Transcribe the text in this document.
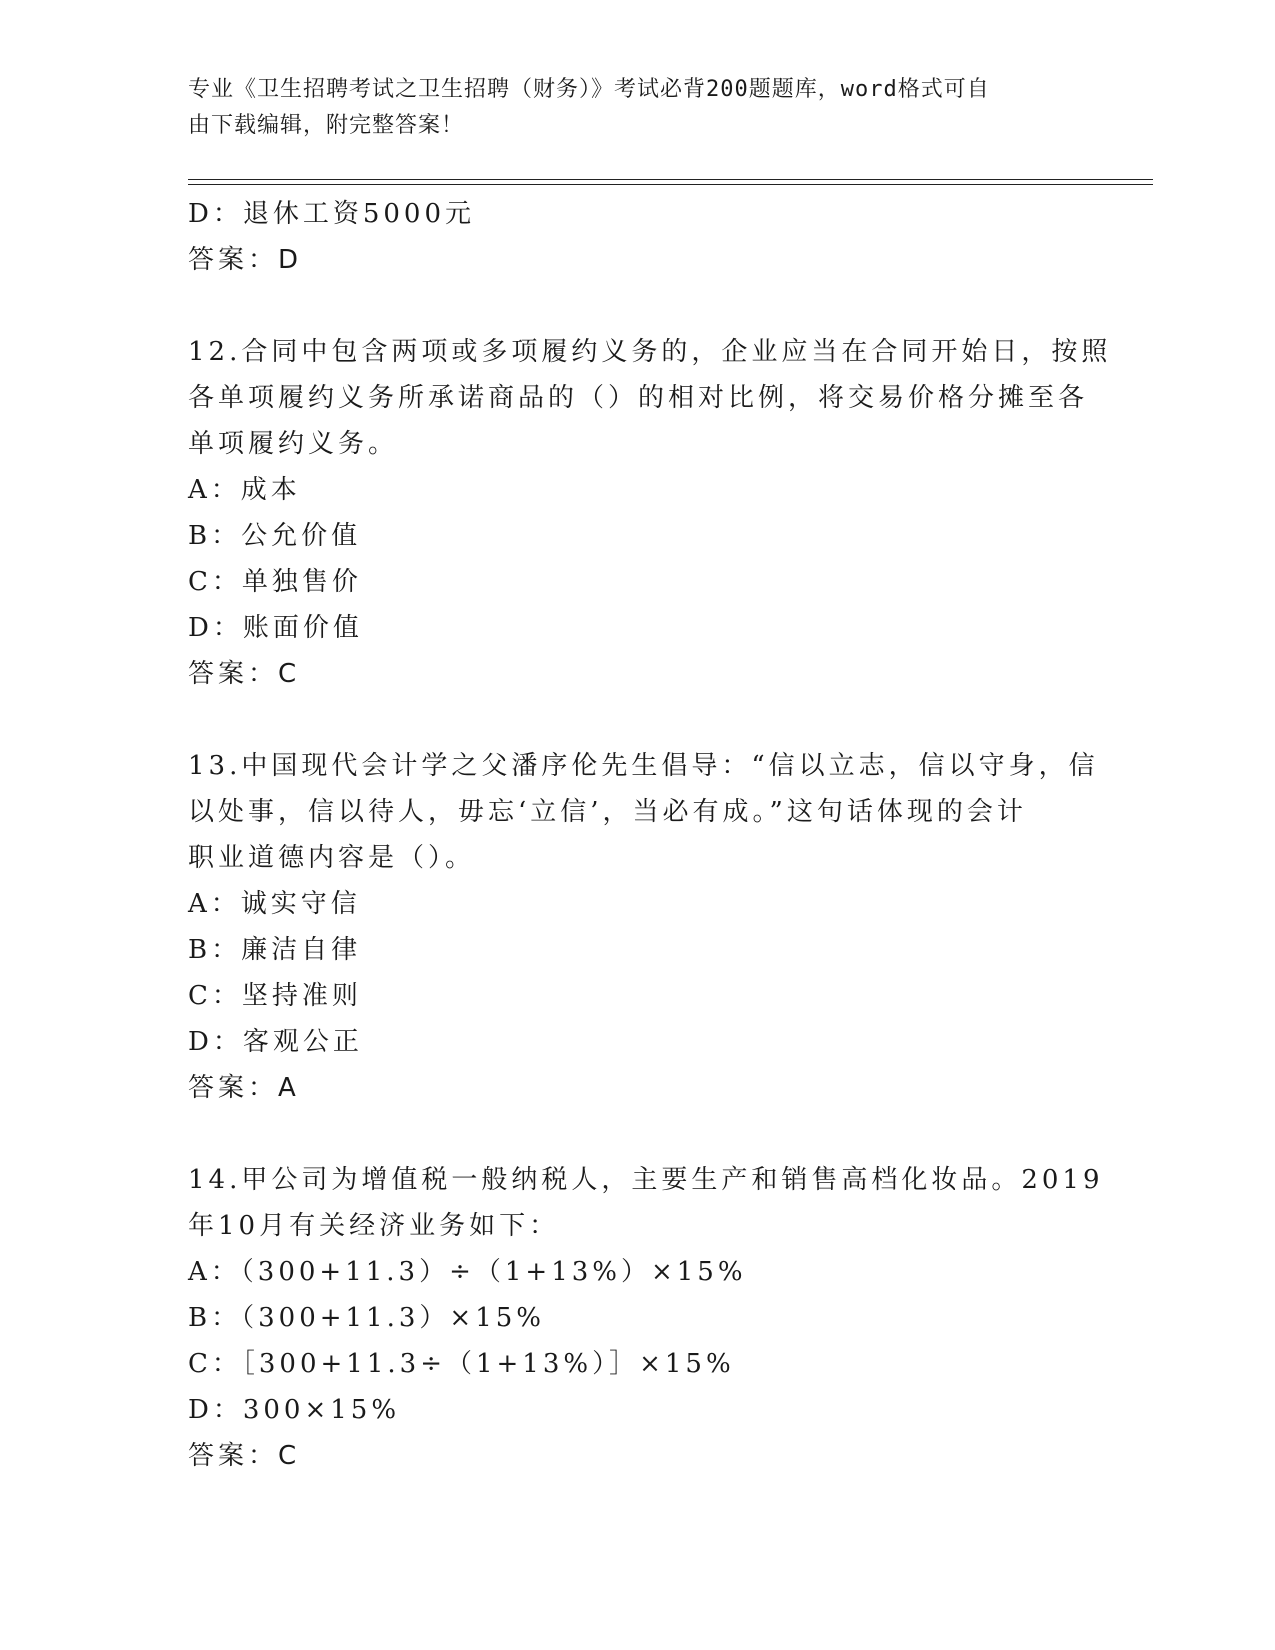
专业《卫生招聘考试之卫生招聘（财务）》考试必背200题题库，word格式可自
由下载编辑，附完整答案！
D：退休工资5000元
答案：D
12.合同中包含两项或多项履约义务的，企业应当在合同开始日，按照
各单项履约义务所承诺商品的（）的相对比例，将交易价格分摊至各
单项履约义务。
A：成本
B：公允价值
C：单独售价
D：账面价值
答案：C
13.中国现代会计学之父潘序伦先生倡导：“信以立志，信以守身，信
以处事，信以待人，毋忘‘立信’，当必有成。”这句话体现的会计
职业道德内容是（）。
A：诚实守信
B：廉洁自律
C：坚持准则
D：客观公正
答案：A
14.甲公司为增值税一般纳税人，主要生产和销售高档化妆品。2019
年10月有关经济业务如下：
A：（300+11.3）÷（1+13%）×15%
B：（300+11.3）×15%
C：［300+11.3÷（1+13%）］×15%
D：300×15%
答案：C
